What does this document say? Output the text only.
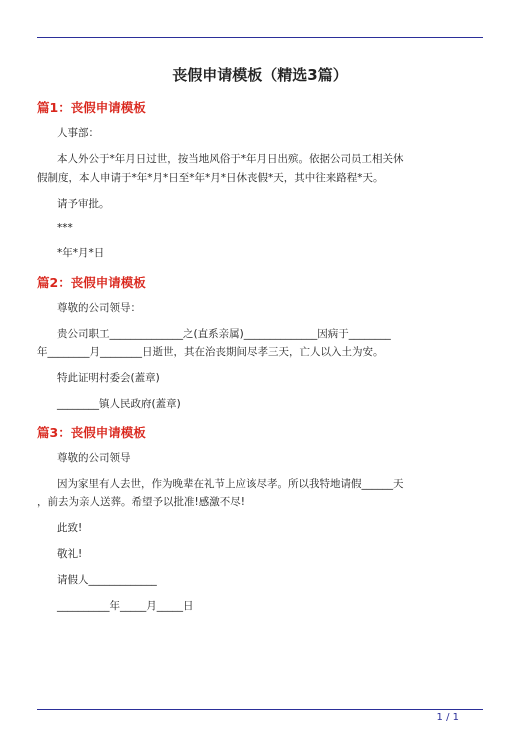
丧假申请模板（精选3篇）
篇1：丧假申请模板
人事部：
本人外公于*年月日过世，按当地风俗于*年月日出殡。依据公司员工相关休
假制度，本人申请于*年*月*日至*年*月*日休丧假*天，其中往来路程*天。
请予审批。
***
*年*月*日
篇2：丧假申请模板
尊敬的公司领导：
贵公司职工______________之(直系亲属)______________因病于________
年________月________日逝世，其在治丧期间尽孝三天，亡人以入土为安。
特此证明村委会(蓋章)
________镇人民政府(蓋章)
篇3：丧假申请模板
尊敬的公司领导
因为家里有人去世，作为晚辈在礼节上应该尽孝。所以我特地请假______天
，前去为亲人送葬。希望予以批准!感激不尽!
此致!
敬礼!
请假人_____________
__________年_____月_____日
1 / 1
